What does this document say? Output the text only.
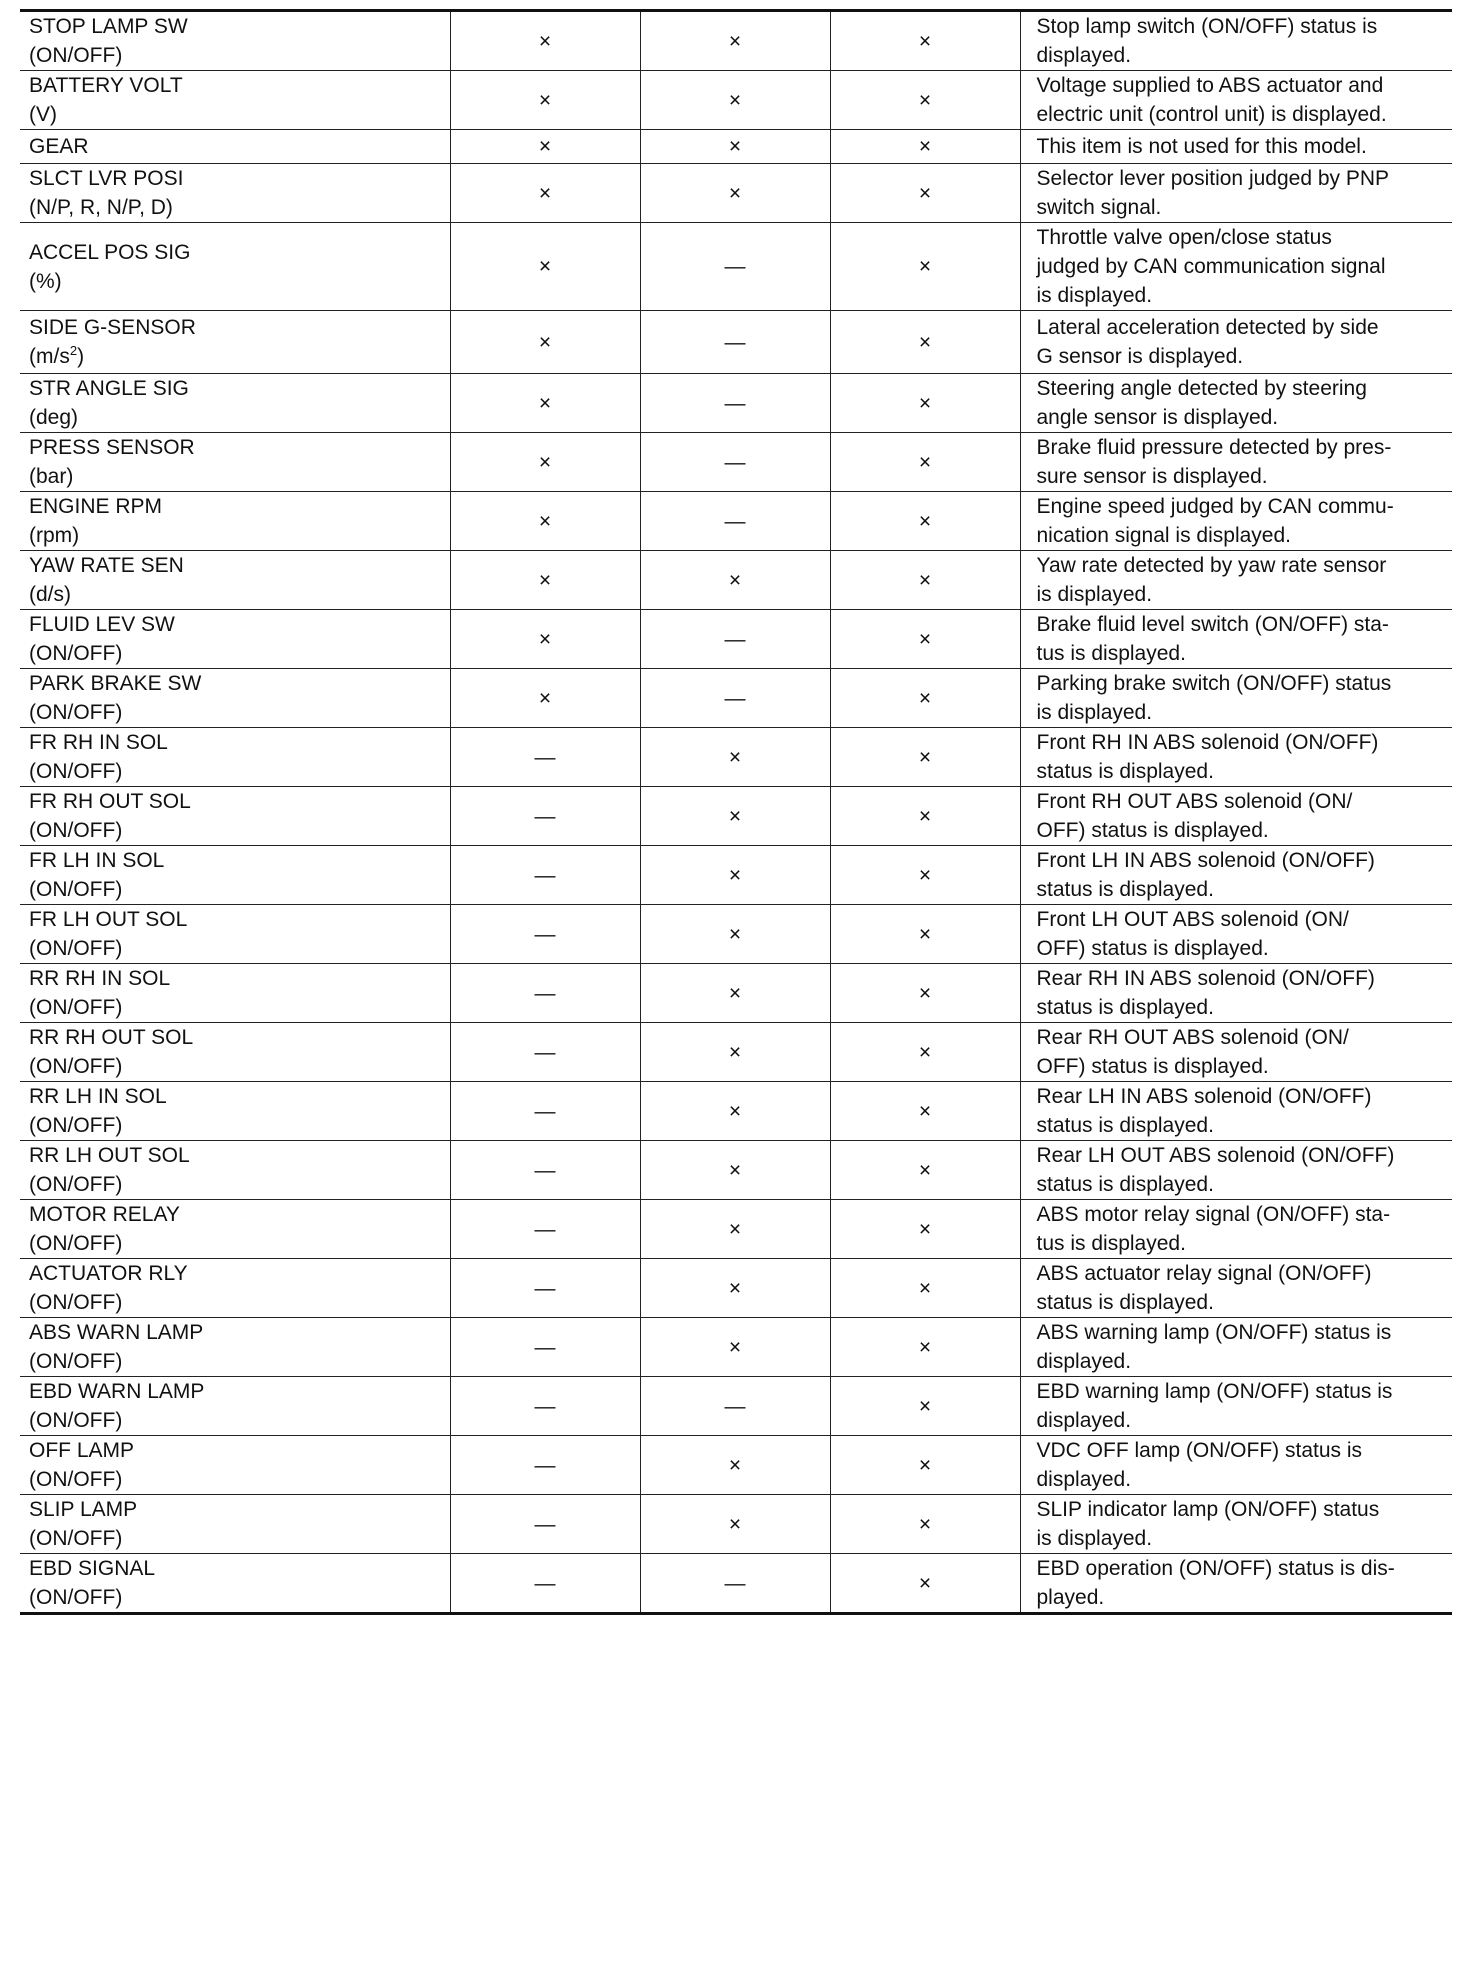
STOP LAMP SW
(ON/OFF)	×	×	×	Stop lamp switch (ON/OFF) status is
displayed.

BATTERY VOLT
(V)	×	×	×	Voltage supplied to ABS actuator and
electric unit (control unit) is displayed.

GEAR	×	×	×	This item is not used for this model.

SLCT LVR POSI
(N/P, R, N/P, D)	×	×	×	Selector lever position judged by PNP
switch signal.

ACCEL POS SIG
(%)	×	—	×	Throttle valve open/close status
judged by CAN communication signal
is displayed.

SIDE G-SENSOR
$(m/s^2)$	×	—	×	Lateral acceleration detected by side
G sensor is displayed.

STR ANGLE SIG
(deg)	×	—	×	Steering angle detected by steering
angle sensor is displayed.

PRESS SENSOR
(bar)	×	—	×	Brake fluid pressure detected by pres-
sure sensor is displayed.

ENGINE RPM
(rpm)	×	—	×	Engine speed judged by CAN commu-
nication signal is displayed.

YAW RATE SEN
(d/s)	×	×	×	Yaw rate detected by yaw rate sensor
is displayed.

FLUID LEV SW
(ON/OFF)	×	—	×	Brake fluid level switch (ON/OFF) sta-
tus is displayed.

PARK BRAKE SW
(ON/OFF)	×	—	×	Parking brake switch (ON/OFF) status
is displayed.

FR RH IN SOL
(ON/OFF)	—	×	×	Front RH IN ABS solenoid (ON/OFF)
status is displayed.

FR RH OUT SOL
(ON/OFF)	—	×	×	Front RH OUT ABS solenoid (ON/
OFF) status is displayed.

FR LH IN SOL
(ON/OFF)	—	×	×	Front LH IN ABS solenoid (ON/OFF)
status is displayed.

FR LH OUT SOL
(ON/OFF)	—	×	×	Front LH OUT ABS solenoid (ON/
OFF) status is displayed.

RR RH IN SOL
(ON/OFF)	—	×	×	Rear RH IN ABS solenoid (ON/OFF)
status is displayed.

RR RH OUT SOL
(ON/OFF)	—	×	×	Rear RH OUT ABS solenoid (ON/
OFF) status is displayed.

RR LH IN SOL
(ON/OFF)	—	×	×	Rear LH IN ABS solenoid (ON/OFF)
status is displayed.

RR LH OUT SOL
(ON/OFF)	—	×	×	Rear LH OUT ABS solenoid (ON/OFF)
status is displayed.

MOTOR RELAY
(ON/OFF)	—	×	×	ABS motor relay signal (ON/OFF) sta-
tus is displayed.

ACTUATOR RLY
(ON/OFF)	—	×	×	ABS actuator relay signal (ON/OFF)
status is displayed.

ABS WARN LAMP
(ON/OFF)	—	×	×	ABS warning lamp (ON/OFF) status is
displayed.

EBD WARN LAMP
(ON/OFF)	—	—	×	EBD warning lamp (ON/OFF) status is
displayed.

OFF LAMP
(ON/OFF)	—	×	×	VDC OFF lamp (ON/OFF) status is
displayed.

SLIP LAMP
(ON/OFF)	—	×	×	SLIP indicator lamp (ON/OFF) status
is displayed.

EBD SIGNAL
(ON/OFF)	—	—	×	EBD operation (ON/OFF) status is dis-
played.
